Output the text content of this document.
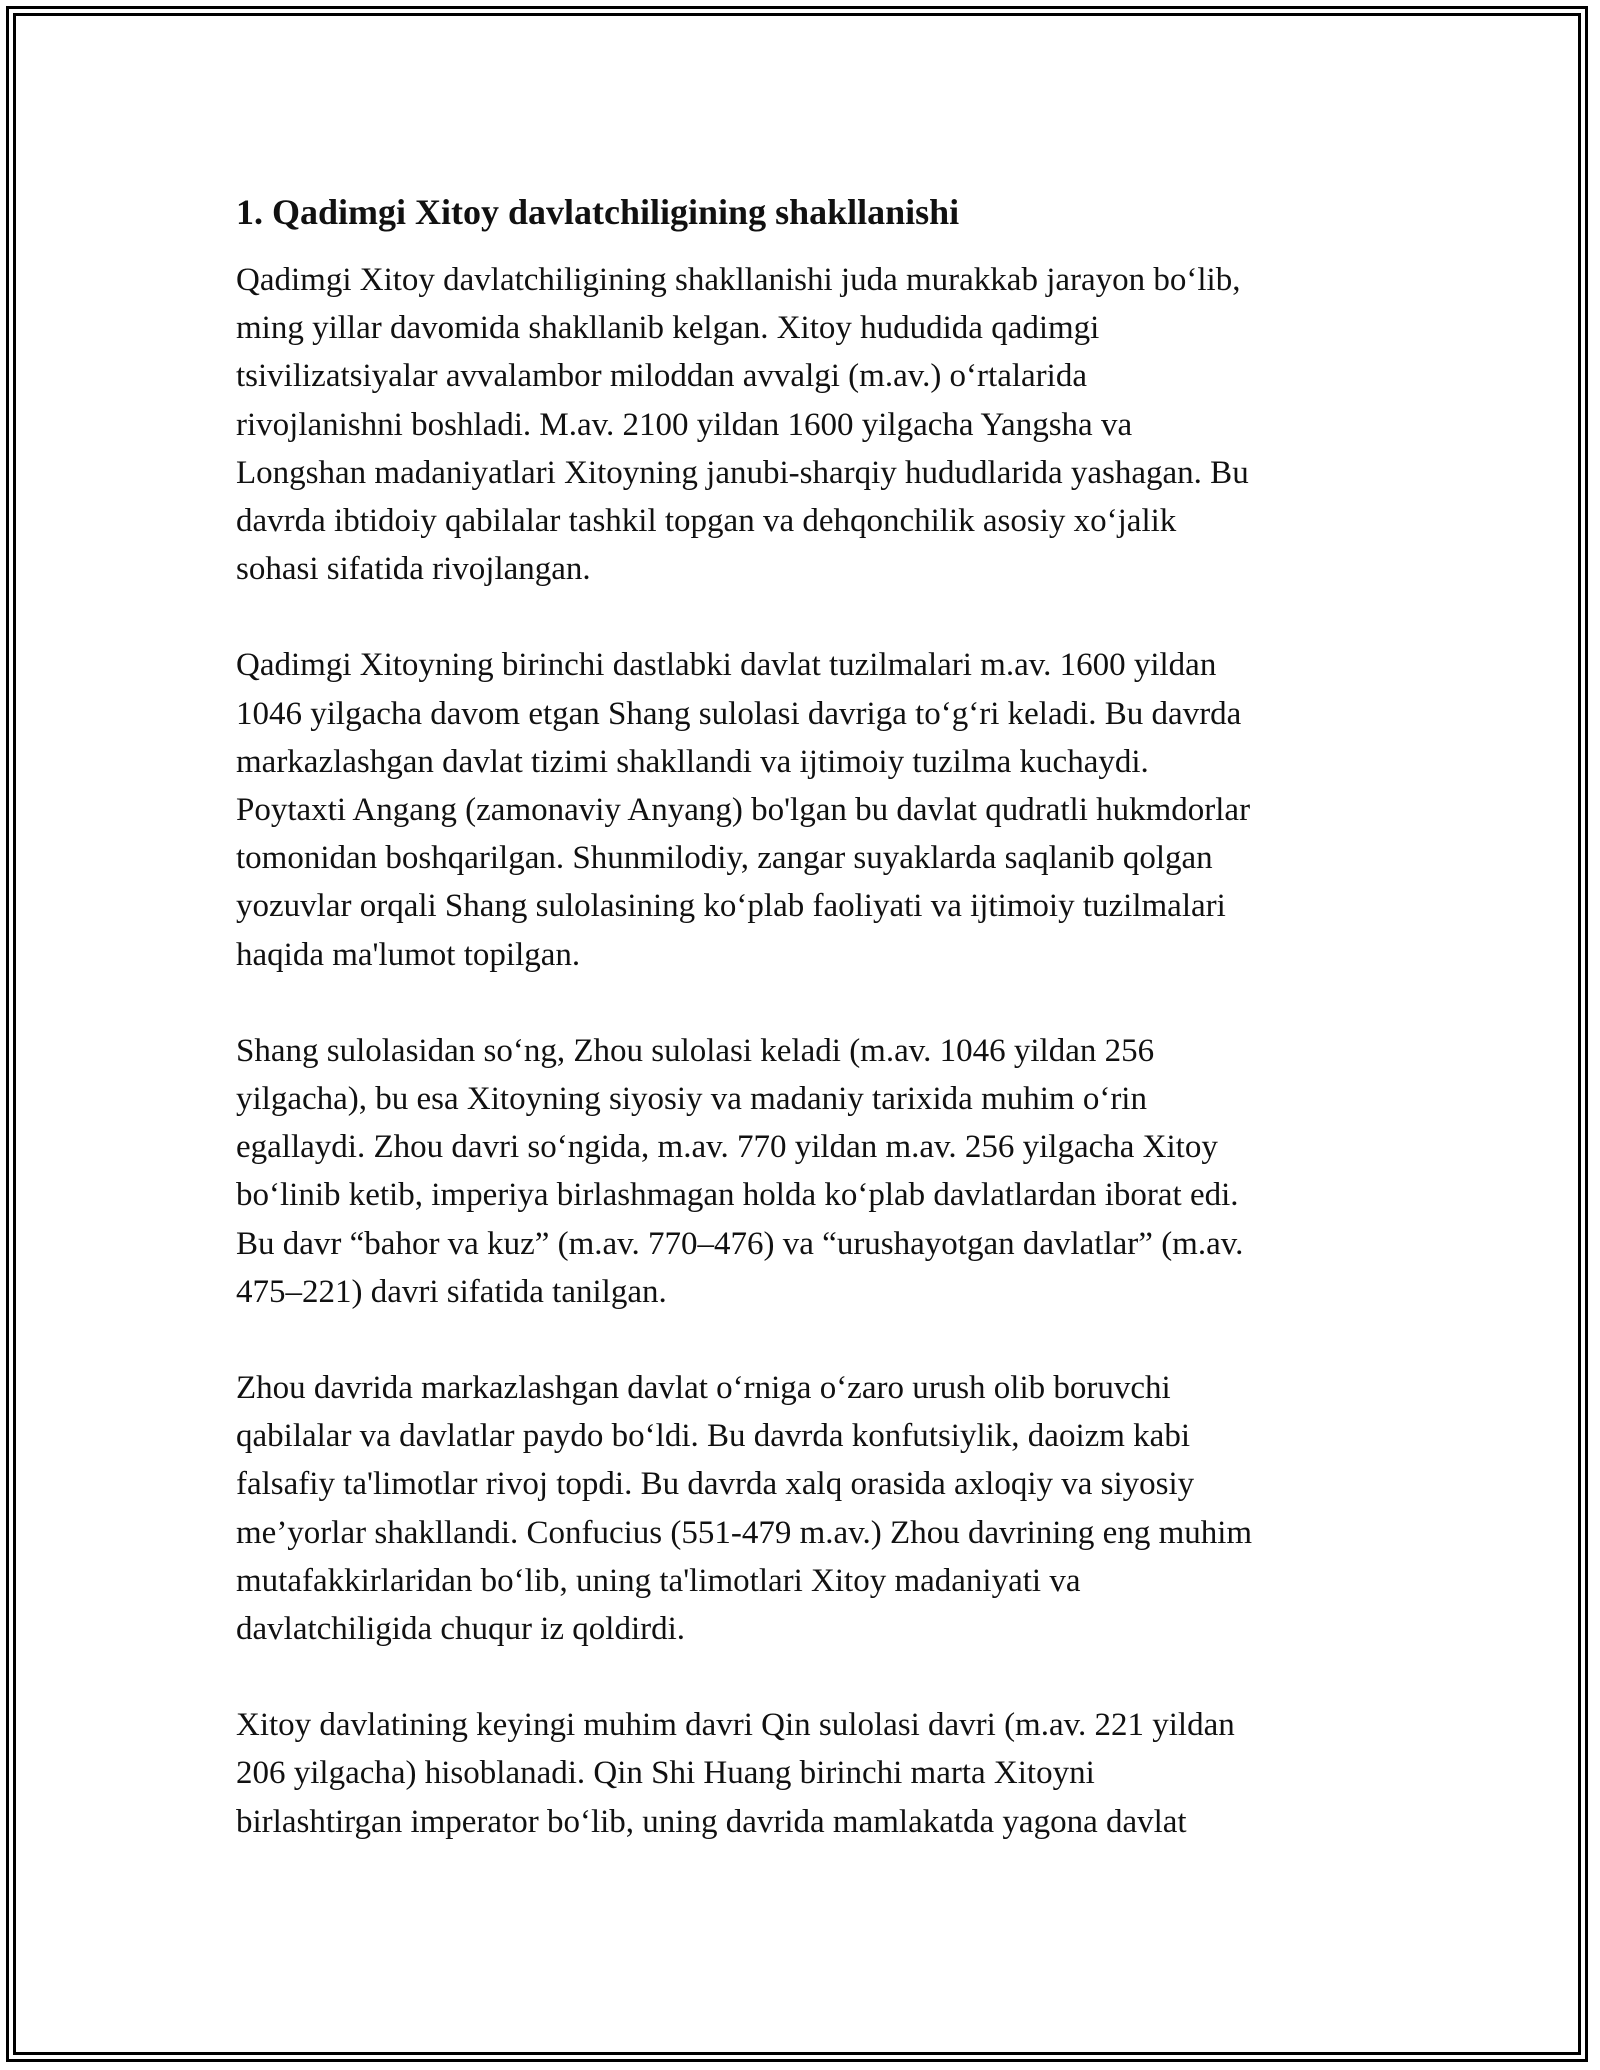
1. Qadimgi Xitoy davlatchiligining shakllanishi
Qadimgi Xitoy davlatchiligining shakllanishi juda murakkab jarayon bo‘lib,
ming yillar davomida shakllanib kelgan. Xitoy hududida qadimgi
tsivilizatsiyalar avvalambor miloddan avvalgi (m.av.) o‘rtalarida
rivojlanishni boshladi. M.av. 2100 yildan 1600 yilgacha Yangsha va
Longshan madaniyatlari Xitoyning janubi-sharqiy hududlarida yashagan. Bu
davrda ibtidoiy qabilalar tashkil topgan va dehqonchilik asosiy xo‘jalik
sohasi sifatida rivojlangan.
Qadimgi Xitoyning birinchi dastlabki davlat tuzilmalari m.av. 1600 yildan
1046 yilgacha davom etgan Shang sulolasi davriga to‘g‘ri keladi. Bu davrda
markazlashgan davlat tizimi shakllandi va ijtimoiy tuzilma kuchaydi.
Poytaxti Angang (zamonaviy Anyang) bo'lgan bu davlat qudratli hukmdorlar
tomonidan boshqarilgan. Shunmilodiy, zangar suyaklarda saqlanib qolgan
yozuvlar orqali Shang sulolasining ko‘plab faoliyati va ijtimoiy tuzilmalari
haqida ma'lumot topilgan.
Shang sulolasidan so‘ng, Zhou sulolasi keladi (m.av. 1046 yildan 256
yilgacha), bu esa Xitoyning siyosiy va madaniy tarixida muhim o‘rin
egallaydi. Zhou davri so‘ngida, m.av. 770 yildan m.av. 256 yilgacha Xitoy
bo‘linib ketib, imperiya birlashmagan holda ko‘plab davlatlardan iborat edi.
Bu davr “bahor va kuz” (m.av. 770–476) va “urushayotgan davlatlar” (m.av.
475–221) davri sifatida tanilgan.
Zhou davrida markazlashgan davlat o‘rniga o‘zaro urush olib boruvchi
qabilalar va davlatlar paydo bo‘ldi. Bu davrda konfutsiylik, daoizm kabi
falsafiy ta'limotlar rivoj topdi. Bu davrda xalq orasida axloqiy va siyosiy
me’yorlar shakllandi. Confucius (551-479 m.av.) Zhou davrining eng muhim
mutafakkirlaridan bo‘lib, uning ta'limotlari Xitoy madaniyati va
davlatchiligida chuqur iz qoldirdi.
Xitoy davlatining keyingi muhim davri Qin sulolasi davri (m.av. 221 yildan
206 yilgacha) hisoblanadi. Qin Shi Huang birinchi marta Xitoyni
birlashtirgan imperator bo‘lib, uning davrida mamlakatda yagona davlat
